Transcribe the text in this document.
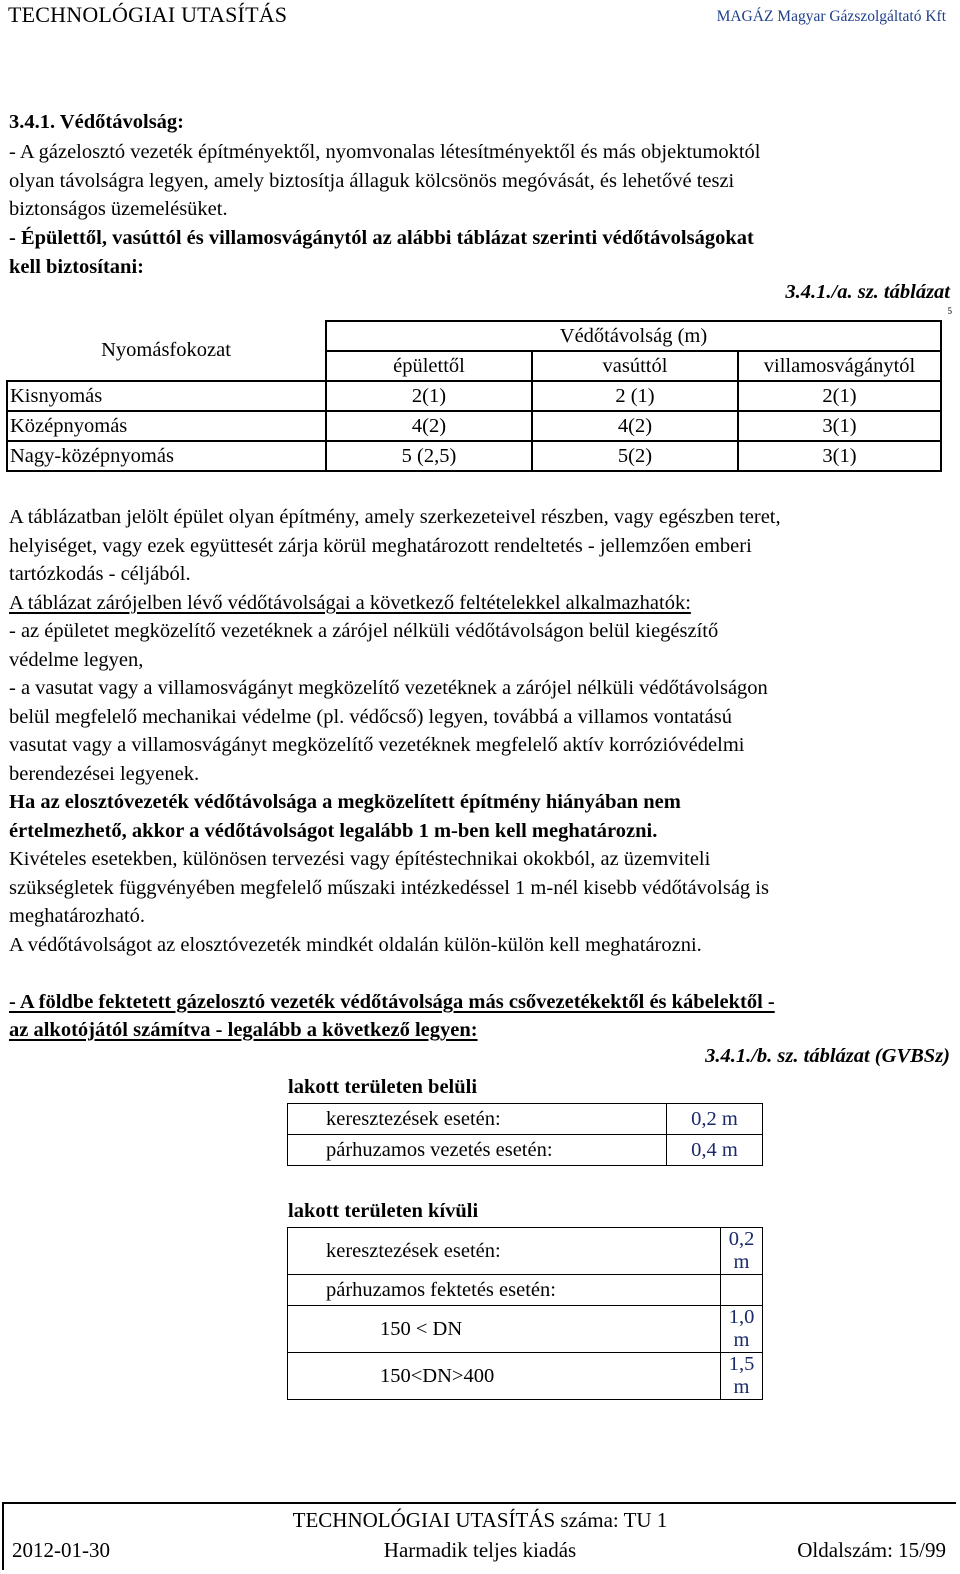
TECHNOLÓGIAI UTASÍTÁS	MAGÁZ Magyar Gázszolgáltató Kft
3.4.1. Védőtávolság:
- A gázelosztó vezeték építményektől, nyomvonalas létesítményektől és más objektumoktól
olyan távolságra legyen, amely biztosítja állaguk kölcsönös megóvását, és lehetővé teszi
biztonságos üzemelésüket.
- Épülettől, vasúttól és villamosvágánytól az alábbi táblázat szerinti védőtávolságokat
kell biztosítani:
3.4.1./a. sz. táblázat
5
Nyomásfokozat	Védőtávolság (m)		
	épülettől	vasúttól	villamosvágánytól
Kisnyomás	2(1)	2 (1)	2(1)
Középnyomás	4(2)	4(2)	3(1)
Nagy-középnyomás	5 (2,5)	5(2)	3(1)
A táblázatban jelölt épület olyan építmény, amely szerkezeteivel részben, vagy egészben teret,
helyiséget, vagy ezek együttesét zárja körül meghatározott rendeltetés - jellemzően emberi
tartózkodás - céljából.
A táblázat zárójelben lévő védőtávolságai a következő feltételekkel alkalmazhatók:
- az épületet megközelítő vezetéknek a zárójel nélküli védőtávolságon belül kiegészítő
védelme legyen,
- a vasutat vagy a villamosvágányt megközelítő vezetéknek a zárójel nélküli védőtávolságon
belül megfelelő mechanikai védelme (pl. védőcső) legyen, továbbá a villamos vontatású
vasutat vagy a villamosvágányt megközelítő vezetéknek megfelelő aktív korrózióvédelmi
berendezései legyenek.
Ha az elosztóvezeték védőtávolsága a megközelített építmény hiányában nem
értelmezhető, akkor a védőtávolságot legalább 1 m-ben kell meghatározni.
Kivételes esetekben, különösen tervezési vagy építéstechnikai okokból, az üzemviteli
szükségletek függvényében megfelelő műszaki intézkedéssel 1 m-nél kisebb védőtávolság is
meghatározható.
A védőtávolságot az elosztóvezeték mindkét oldalán külön-külön kell meghatározni.
- A földbe fektetett gázelosztó vezeték védőtávolsága más csővezetékektől és kábelektől -
az alkotójától számítva - legalább a következő legyen:
3.4.1./b. sz. táblázat (GVBSz)
lakott területen belüli
keresztezések esetén:	0,2 m
párhuzamos vezetés esetén:	0,4 m
lakott területen kívüli
keresztezések esetén:	0,2 m
párhuzamos fektetés esetén:	
150 < DN	1,0 m
150<DN>400	1,5 m
TECHNOLÓGIAI UTASÍTÁS száma: TU 1
Harmadik teljes kiadás
2012-01-30	Oldalszám: 15/99
